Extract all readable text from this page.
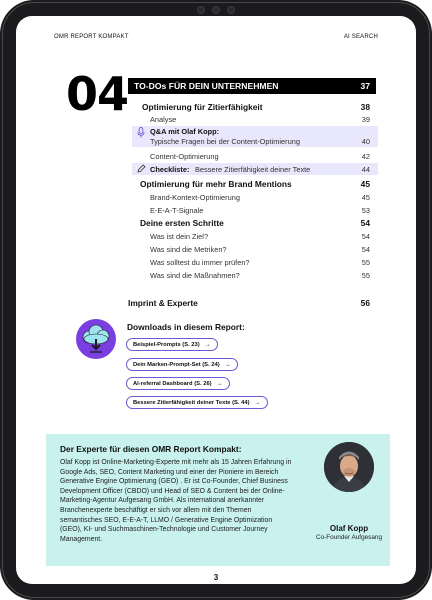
OMR REPORT KOMPAKT	AI SEARCH
04 TO-DOs FÜR DEIN UNTERNEHMEN	37
Optimierung für Zitierfähigkeit	38
Analyse	39
Q&A mit Olaf Kopp:
Typische Fragen bei der Content-Optimierung	40
Content-Optimierung	42
Checkliste: Bessere Zitierfähigkeit deiner Texte	44
Optimierung für mehr Brand Mentions	45
Brand-Kontext-Optimierung	45
E-E-A-T-Signale	53
Deine ersten Schritte	54
Was ist dein Ziel?	54
Was sind die Metriken?	54
Was solltest du immer prüfen?	55
Was sind die Maßnahmen?	55
Imprint & Experte	56
Downloads in diesem Report:
Beispiel-Prompts (S. 23) →
Dein Marken-Prompt-Set (S. 24) →
AI-referral Dashboard (S. 26) →
Bessere Zitierfähigkeit deiner Texte (S. 44) →
Der Experte für diesen OMR Report Kompakt:
Olaf Kopp ist Online-Marketing-Experte mit mehr als 15 Jahren Erfahrung in Google Ads, SEO, Content Marketing und einer der Pioniere im Bereich Generative Engine Optimierung (GEO) . Er ist Co-Founder, Chief Business Development Officer (CBDO) und Head of SEO & Content bei der Online-Marketing-Agentur Aufgesang GmbH. Als international anerkannter Branchenexperte beschäftigt er sich vor allem mit den Themen semantisches SEO, E-E-A-T, LLMO / Generative Engine Optimization (GEO), KI- und Suchmaschinen-Technologie und Customer Journey Management.
Olaf Kopp
Co-Founder Aufgesang
3
